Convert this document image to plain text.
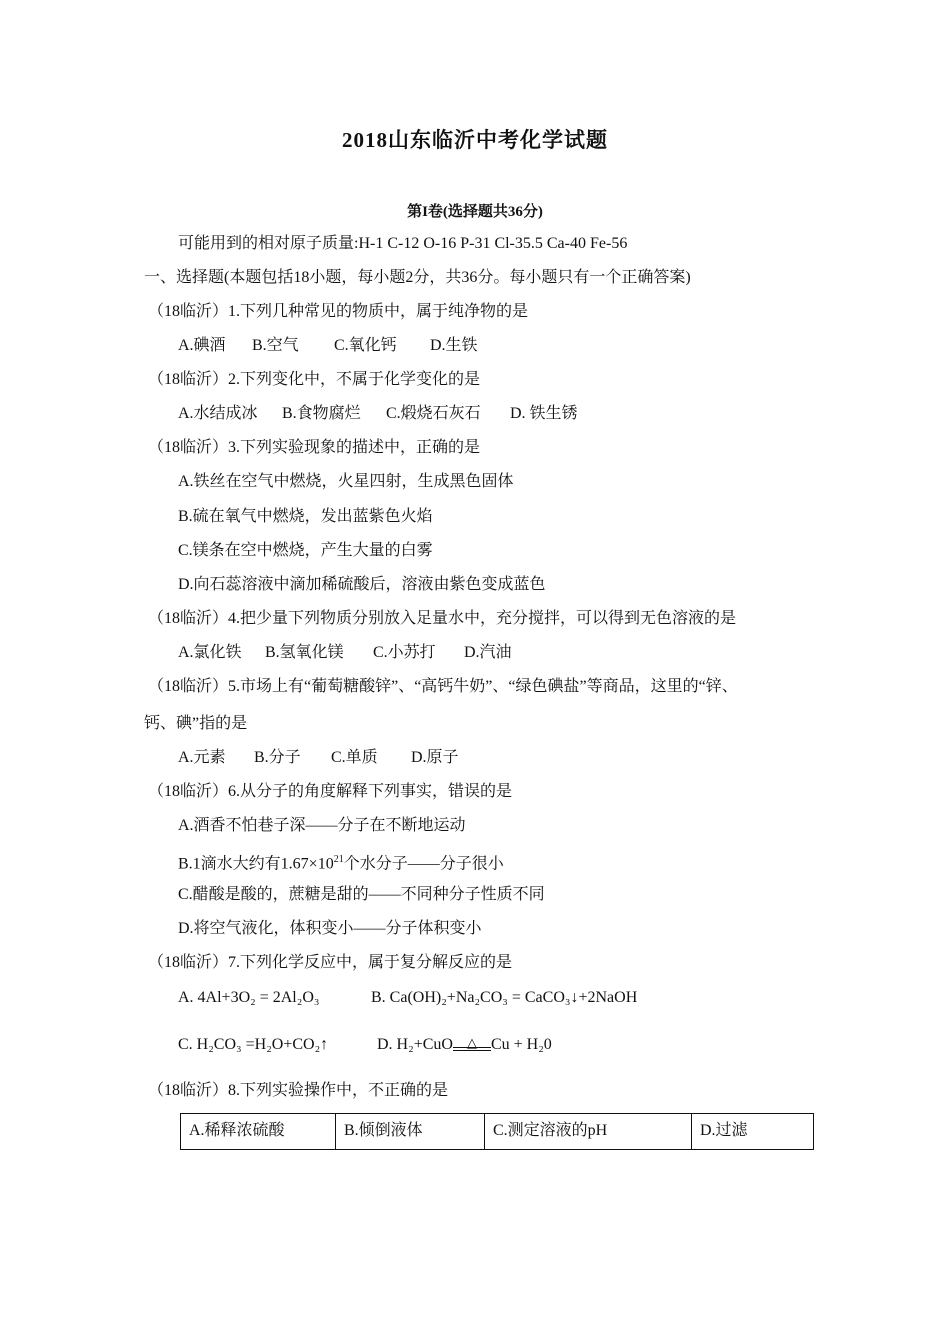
2018山东临沂中考化学试题
第I卷(选择题共36分)
可能用到的相对原子质量:H-1 C-12 O-16 P-31 Cl-35.5 Ca-40 Fe-56
一、选择题(本题包括18小题，每小题2分，共36分。每小题只有一个正确答案)
（18临沂）1.下列几种常见的物质中，属于纯净物的是
A.碘酒 B.空气 C.氧化钙 D.生铁
（18临沂）2.下列变化中，不属于化学变化的是
A.水结成冰 B.食物腐烂 C.煅烧石灰石 D. 铁生锈
（18临沂）3.下列实验现象的描述中，正确的是
A.铁丝在空气中燃烧，火星四射，生成黑色固体
B.硫在氧气中燃烧，发出蓝紫色火焰
C.镁条在空中燃烧，产生大量的白雾
D.向石蕊溶液中滴加稀硫酸后，溶液由紫色变成蓝色
（18临沂）4.把少量下列物质分别放入足量水中，充分搅拌，可以得到无色溶液的是
A.氯化铁 B.氢氧化镁 C.小苏打 D.汽油
（18临沂）5.市场上有“葡萄糖酸锌”、“高钙牛奶”、“绿色碘盐”等商品，这里的“锌、
钙、碘”指的是
A.元素 B.分子 C.单质 D.原子
（18临沂）6.从分子的角度解释下列事实，错误的是
A.酒香不怕巷子深——分子在不断地运动
B.1滴水大约有$1.67\times 10^{21}$个水分子——分子很小
C.醋酸是酸的，蔗糖是甜的——不同种分子性质不同
D.将空气液化，体积变小——分子体积变小
（18临沂）7.下列化学反应中，属于复分解反应的是
A. 4Al+3O₂ = 2Al₂O₃	B. Ca(OH)₂+Na₂CO₃ = CaCO₃↓+2NaOH
C. H₂CO₃ =H₂O+CO₂↑	D. H₂+CuO	△ Cu + H₂0
（18临沂）8.下列实验操作中，不正确的是
A.稀释浓硫酸	B.倾倒液体	C.测定溶液的pH	D.过滤
